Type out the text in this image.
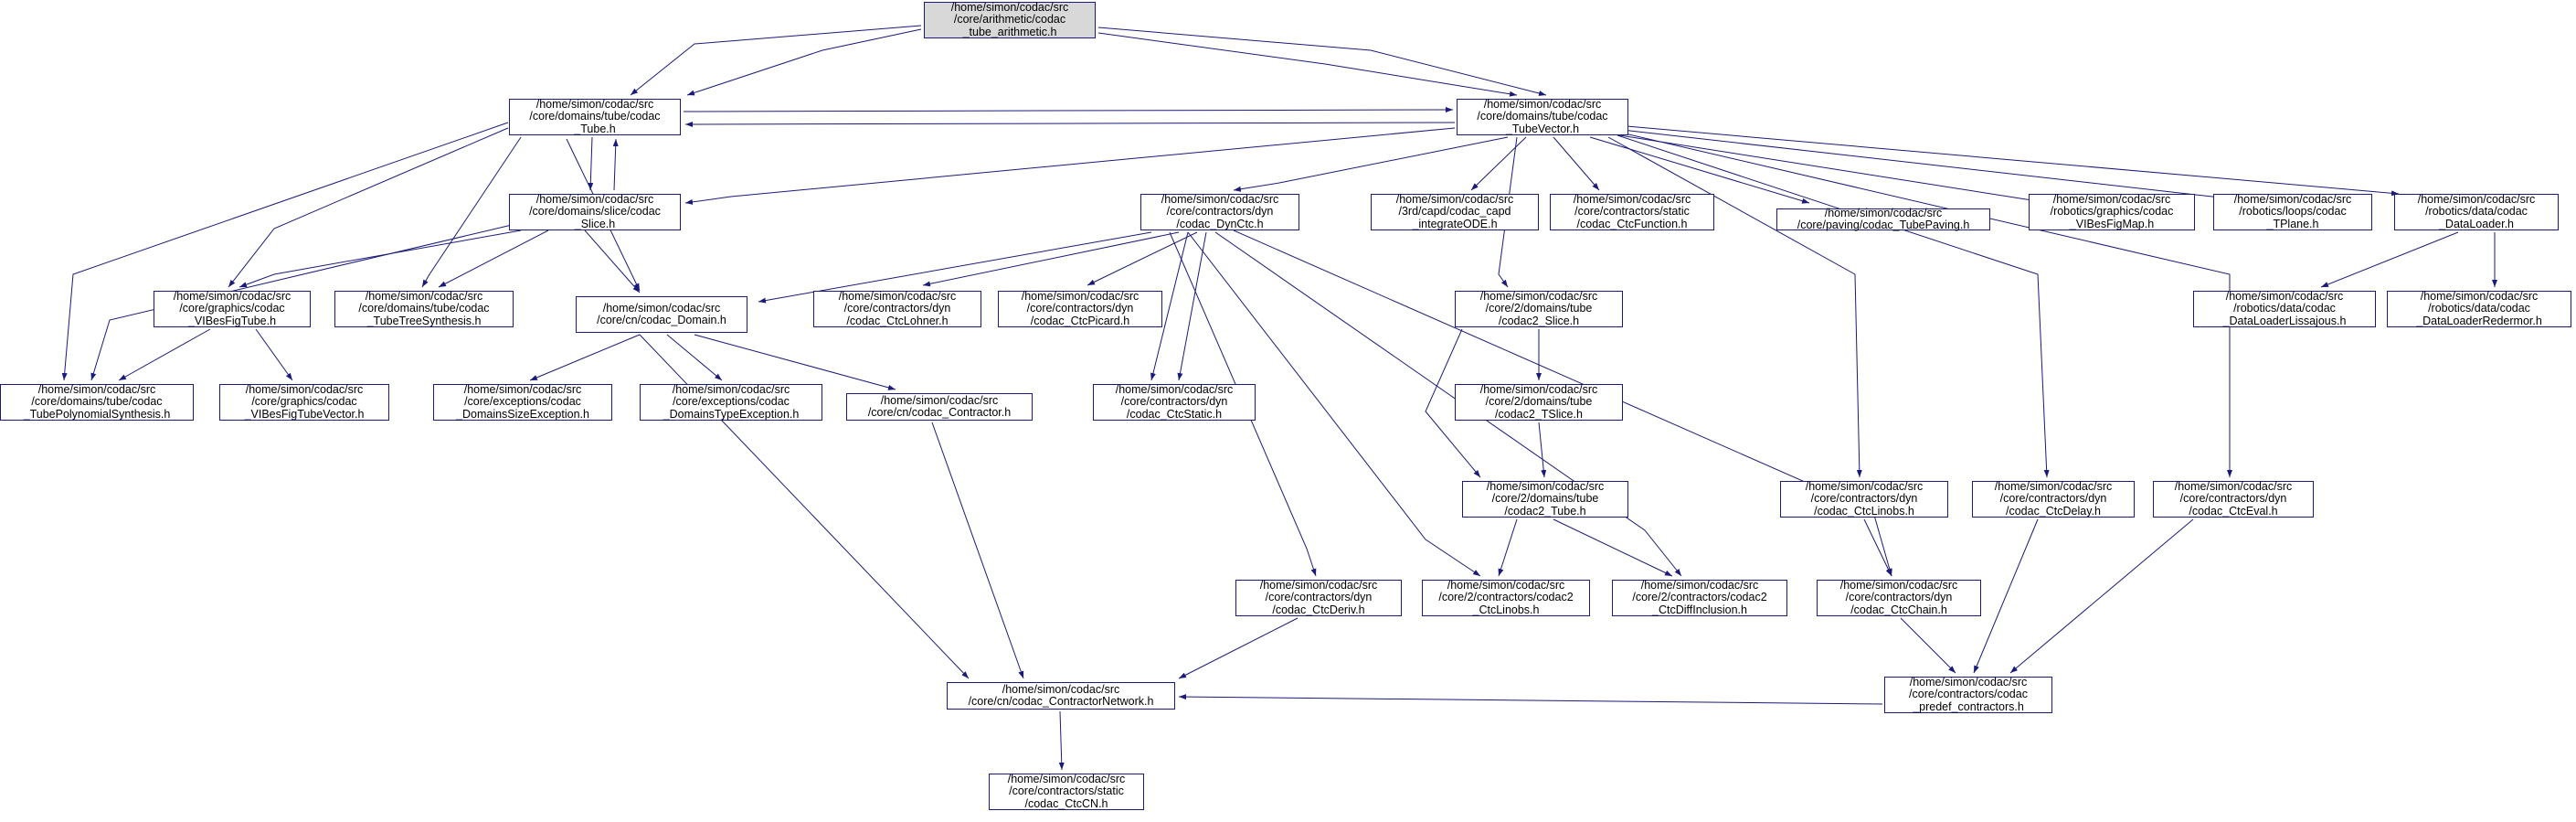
/home/simon/codac/src
/core/arithmetic/codac
_tube_arithmetic.h
/home/simon/codac/src
/core/domains/tube/codac
_Tube.h
/home/simon/codac/src
/core/domains/tube/codac
_TubeVector.h
/home/simon/codac/src
/core/domains/slice/codac
_Slice.h
/home/simon/codac/src
/core/contractors/dyn
/codac_DynCtc.h
/home/simon/codac/src
/3rd/capd/codac_capd
_integrateODE.h
/home/simon/codac/src
/core/contractors/static
/codac_CtcFunction.h
/home/simon/codac/src
/core/paving/codac_TubePaving.h
/home/simon/codac/src
/robotics/graphics/codac
_VIBesFigMap.h
/home/simon/codac/src
/robotics/loops/codac
_TPlane.h
/home/simon/codac/src
/robotics/data/codac
_DataLoader.h
/home/simon/codac/src
/robotics/data/codac
_DataLoaderLissajous.h
/home/simon/codac/src
/robotics/data/codac
_DataLoaderRedermor.h
/home/simon/codac/src
/core/graphics/codac
_VIBesFigTube.h
/home/simon/codac/src
/core/domains/tube/codac
_TubeTreeSynthesis.h
/home/simon/codac/src
/core/cn/codac_Domain.h
/home/simon/codac/src
/core/contractors/dyn
/codac_CtcLohner.h
/home/simon/codac/src
/core/contractors/dyn
/codac_CtcPicard.h
/home/simon/codac/src
/core/2/domains/tube
/codac2_Slice.h
/home/simon/codac/src
/core/domains/tube/codac
_TubePolynomialSynthesis.h
/home/simon/codac/src
/core/graphics/codac
_VIBesFigTubeVector.h
/home/simon/codac/src
/core/exceptions/codac
_DomainsSizeException.h
/home/simon/codac/src
/core/exceptions/codac
_DomainsTypeException.h
/home/simon/codac/src
/core/cn/codac_Contractor.h
/home/simon/codac/src
/core/contractors/dyn
/codac_CtcStatic.h
/home/simon/codac/src
/core/2/domains/tube
/codac2_TSlice.h
/home/simon/codac/src
/core/2/domains/tube
/codac2_Tube.h
/home/simon/codac/src
/core/contractors/dyn
/codac_CtcLinobs.h
/home/simon/codac/src
/core/contractors/dyn
/codac_CtcDelay.h
/home/simon/codac/src
/core/contractors/dyn
/codac_CtcEval.h
/home/simon/codac/src
/core/contractors/dyn
/codac_CtcDeriv.h
/home/simon/codac/src
/core/2/contractors/codac2
_CtcLinobs.h
/home/simon/codac/src
/core/2/contractors/codac2
_CtcDiffInclusion.h
/home/simon/codac/src
/core/contractors/dyn
/codac_CtcChain.h
/home/simon/codac/src
/core/contractors/codac
_predef_contractors.h
/home/simon/codac/src
/core/cn/codac_ContractorNetwork.h
/home/simon/codac/src
/core/contractors/static
/codac_CtcCN.h
